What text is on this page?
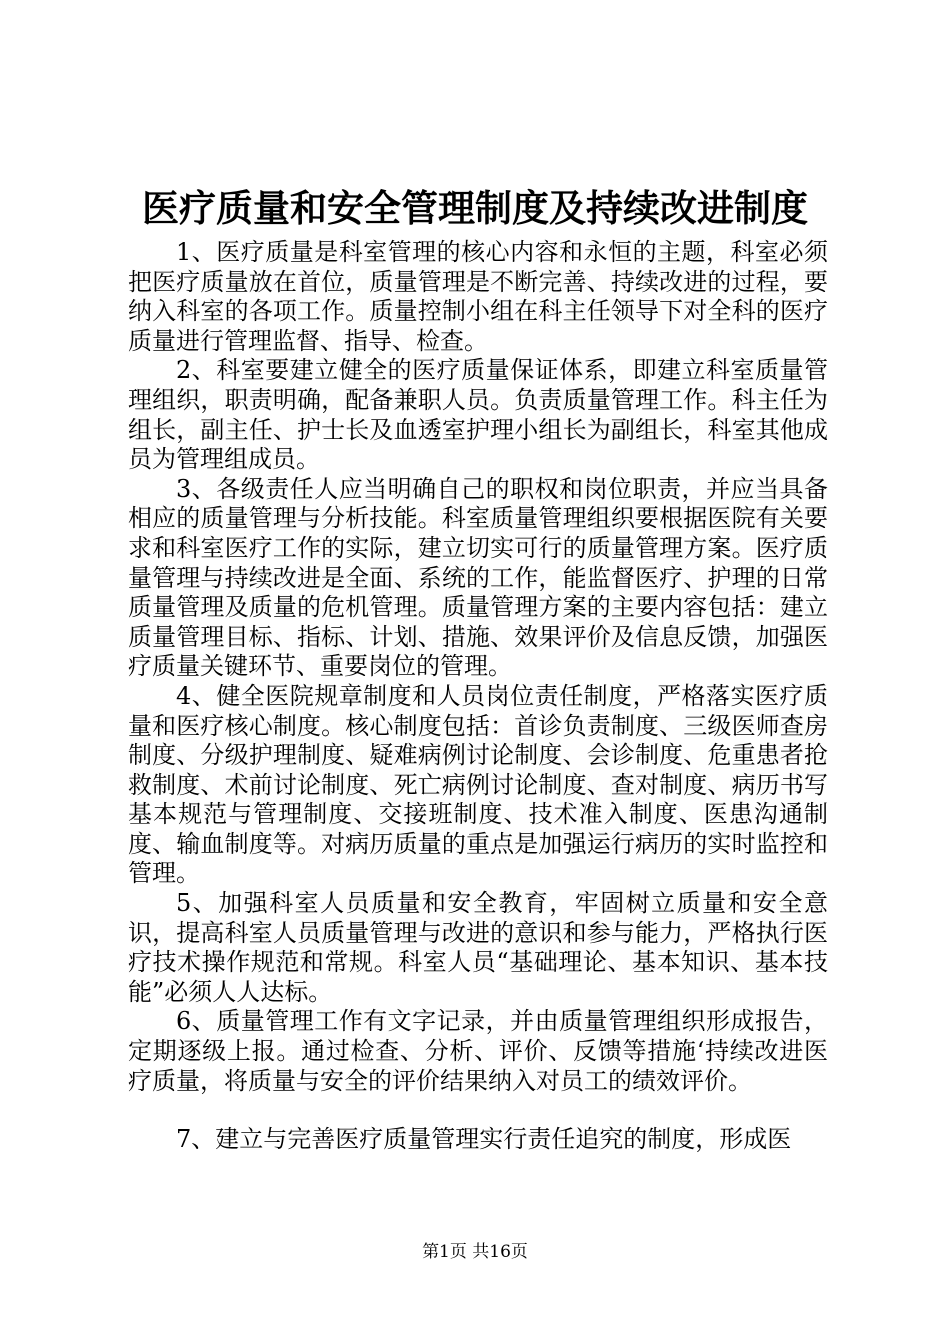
医疗质量和安全管理制度及持续改进制度

1、医疗质量是科室管理的核心内容和永恒的主题，科室必须把医疗质量放在首位，质量管理是不断完善、持续改进的过程，要纳入科室的各项工作。质量控制小组在科主任领导下对全科的医疗质量进行管理监督、指导、检查。

2、科室要建立健全的医疗质量保证体系，即建立科室质量管理组织，职责明确，配备兼职人员。负责质量管理工作。科主任为组长，副主任、护士长及血透室护理小组长为副组长，科室其他成员为管理组成员。

3、各级责任人应当明确自己的职权和岗位职责，并应当具备相应的质量管理与分析技能。科室质量管理组织要根据医院有关要求和科室医疗工作的实际，建立切实可行的质量管理方案。医疗质量管理与持续改进是全面、系统的工作，能监督医疗、护理的日常质量管理及质量的危机管理。质量管理方案的主要内容包括：建立质量管理目标、指标、计划、措施、效果评价及信息反馈，加强医疗质量关键环节、重要岗位的管理。

4、健全医院规章制度和人员岗位责任制度，严格落实医疗质量和医疗核心制度。核心制度包括：首诊负责制度、三级医师查房制度、分级护理制度、疑难病例讨论制度、会诊制度、危重患者抢救制度、术前讨论制度、死亡病例讨论制度、查对制度、病历书写基本规范与管理制度、交接班制度、技术准入制度、医患沟通制度、输血制度等。对病历质量的重点是加强运行病历的实时监控和管理。

5、加强科室人员质量和安全教育，牢固树立质量和安全意识，提高科室人员质量管理与改进的意识和参与能力，严格执行医疗技术操作规范和常规。科室人员“基础理论、基本知识、基本技能”必须人人达标。

6、质量管理工作有文字记录，并由质量管理组织形成报告，定期逐级上报。通过检查、分析、评价、反馈等措施‘持续改进医疗质量，将质量与安全的评价结果纳入对员工的绩效评价。

7、建立与完善医疗质量管理实行责任追究的制度，形成医

第1页 共16页
